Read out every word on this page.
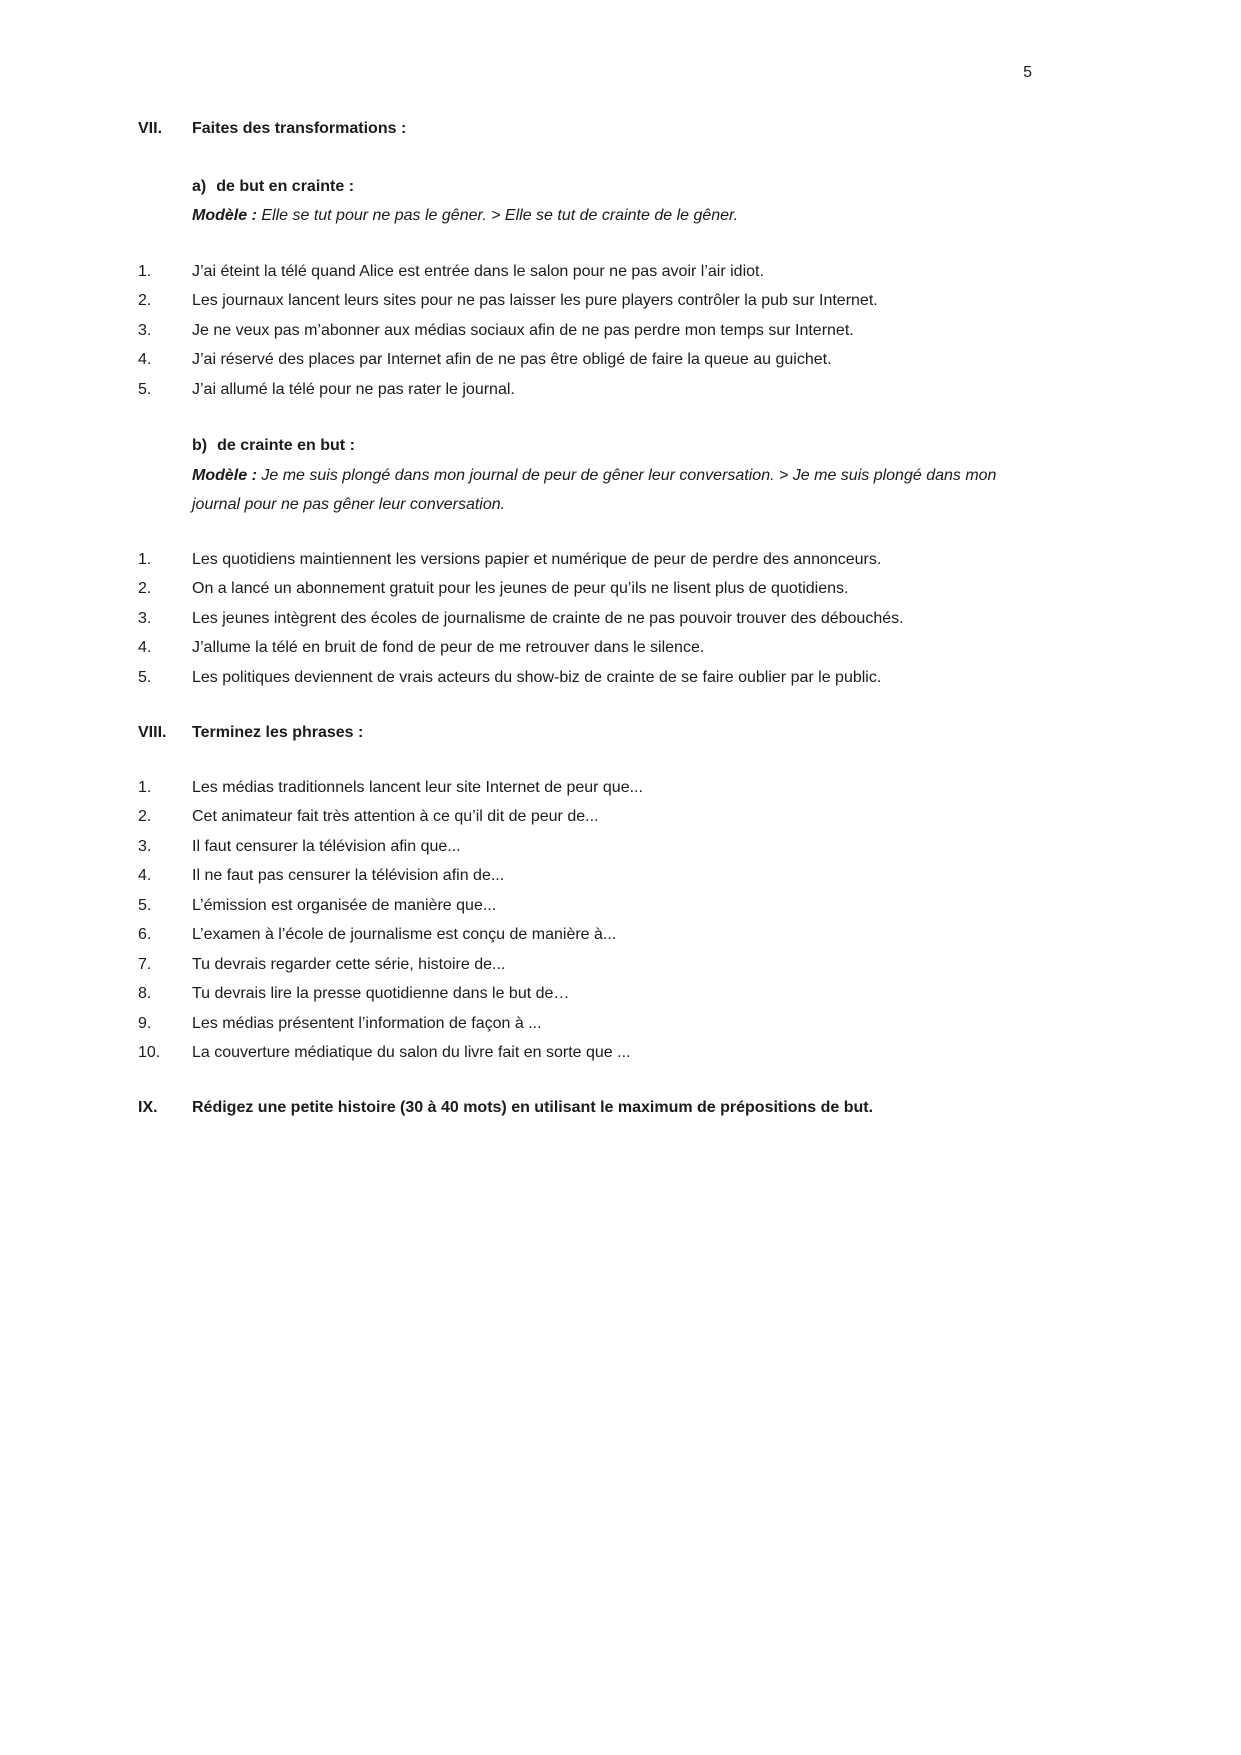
5
VII.	Faites des transformations :
a) de but en crainte :
Modèle : Elle se tut pour ne pas le gêner. > Elle se tut de crainte de le gêner.
1.	J’ai éteint la télé quand Alice est entrée dans le salon pour ne pas avoir l’air idiot.
2.	Les journaux lancent leurs sites pour ne pas laisser les pure players contrôler la pub sur Internet.
3.	Je ne veux pas m’abonner aux médias sociaux afin de ne pas perdre mon temps sur Internet.
4.	J’ai réservé des places par Internet afin de ne pas être obligé de faire la queue au guichet.
5.	J’ai allumé la télé pour ne pas rater le journal.
b) de crainte en but :
Modèle : Je me suis plongé dans mon journal de peur de gêner leur conversation. > Je me suis plongé dans mon journal pour ne pas gêner leur conversation.
1.	Les quotidiens maintiennent les versions papier et numérique de peur de perdre des annonceurs.
2.	On a lancé un abonnement gratuit pour les jeunes de peur qu’ils ne lisent plus de quotidiens.
3.	Les jeunes intègrent des écoles de journalisme de crainte de ne pas pouvoir trouver des débouchés.
4.	J’allume la télé en bruit de fond de peur de me retrouver dans le silence.
5.	Les politiques deviennent de vrais acteurs du show-biz de crainte de se faire oublier par le public.
VIII.	Terminez les phrases :
1.	Les médias traditionnels lancent leur site Internet de peur que...
2.	Cet animateur fait très attention à ce qu’il dit de peur de...
3.	Il faut censurer la télévision afin que...
4.	Il ne faut pas censurer la télévision afin de...
5.	L’émission est organisée de manière que...
6.	L’examen à l’école de journalisme est conçu de manière à...
7.	Tu devrais regarder cette série, histoire de...
8.	Tu devrais lire la presse quotidienne dans le but de…
9.	Les médias présentent l’information de façon à ...
10.	La couverture médiatique du salon du livre fait en sorte que ...
IX.	Rédigez une petite histoire (30 à 40 mots) en utilisant le maximum de prépositions de but.
